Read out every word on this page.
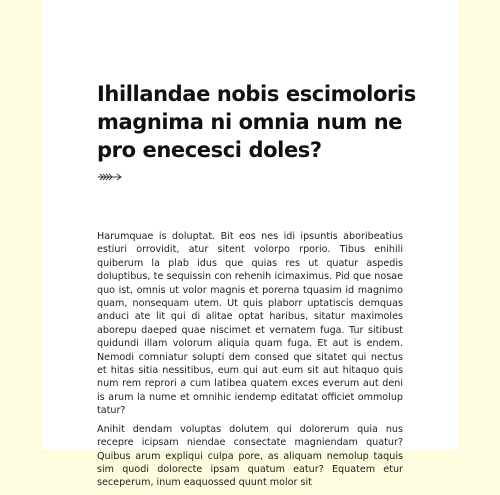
Ihillandae nobis escimoloris magnima ni omnia num ne pro enecesci doles?

Harumquae is doluptat. Bit eos nes idi ipsuntis aboribeatius estiuri orrovidit, atur sitent volorpo rporio. Tibus enihili quiberum la plab idus que quias res ut quatur aspedis doluptibus, te sequissin con rehenih icimaximus. Pid que nosae quo ist, omnis ut volor magnis et porerna tquasim id magnimo quam, nonsequam utem. Ut quis plaborr uptatiscis demquas anduci ate lit qui di alitae optat haribus, sitatur maximoles aborepu daeped quae niscimet et vernatem fuga. Tur sitibust quidundi illam volorum aliquia quam fuga. Et aut is endem. Nemodi comniatur solupti dem consed que sitatet qui nectus et hitas sitia nessitibus, eum qui aut eum sit aut hitaquo quis num rem reprori a cum latibea quatem exces everum aut deni is arum la nume et omnihic iendemp editatat officiet ommolup tatur?

Anihit dendam voluptas dolutem qui dolorerum quia nus recepre icipsam niendae consectate magniendam quatur? Quibus arum expliqui culpa pore, as aliquam nemolup taquis sim quodi dolorecte ipsam quatum eatur? Equatem etur seceperum, inum eaquossed quunt molor sit
